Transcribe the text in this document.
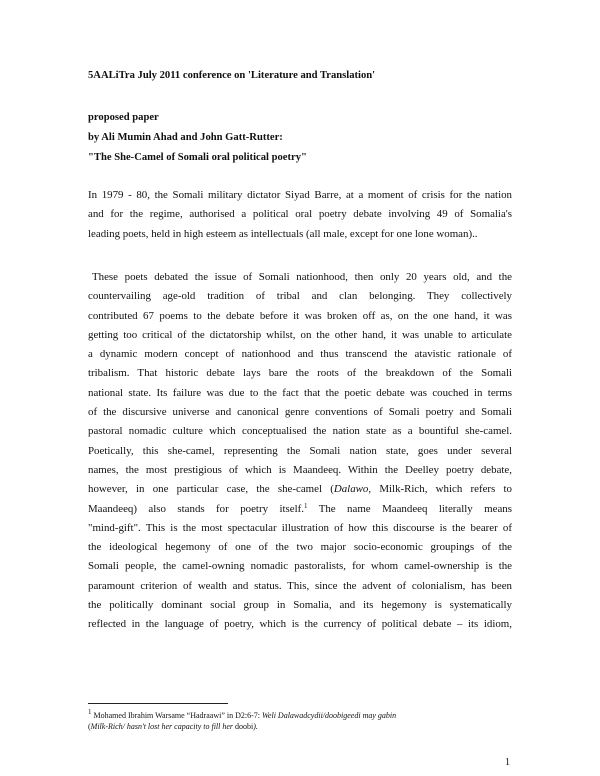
5AALiTra July 2011 conference on 'Literature and Translation'
proposed paper
by Ali Mumin Ahad and John Gatt-Rutter:
"The She-Camel of Somali oral political poetry"
In 1979 - 80, the Somali military dictator Siyad Barre, at a moment of crisis for the nation
and for the regime, authorised a political oral poetry debate involving 49 of Somalia's
leading poets, held in high esteem as intellectuals (all male, except for one lone woman)..
These poets debated the issue of Somali nationhood, then only 20 years old, and the
countervailing age-old tradition of tribal and clan belonging. They collectively
contributed 67 poems to the debate before it was broken off as, on the one hand, it was
getting too critical of the dictatorship whilst, on the other hand, it was unable to articulate
a dynamic modern concept of nationhood and thus transcend the atavistic rationale of
tribalism. That historic debate lays bare the roots of the breakdown of the Somali
national state. Its failure was due to the fact that the poetic debate was couched in terms
of the discursive universe and canonical genre conventions of Somali poetry and Somali
pastoral nomadic culture which conceptualised the nation state as a bountiful she-camel.
Poetically, this she-camel, representing the Somali nation state, goes under several
names, the most prestigious of which is Maandeeq. Within the Deelley poetry debate,
however, in one particular case, the she-camel (Dalawo, Milk-Rich, which refers to
Maandeeq) also stands for poetry itself.$^1$ The name Maandeeq literally means
"mind-gift". This is the most spectacular illustration of how this discourse is the bearer of
the ideological hegemony of one of the two major socio-economic groupings of the
Somali people, the camel-owning nomadic pastoralists, for whom camel-ownership is the
paramount criterion of wealth and status. This, since the advent of colonialism, has been
the politically dominant social group in Somalia, and its hegemony is systematically
reflected in the language of poetry, which is the currency of political debate – its idiom,
$^1$ Mohamed Ibrahim Warsame “Hadraawi” in D2:6-7: Weli Dalawadcydii/doobigeedi may gabin
(Milk-Rich/ hasn't lost her capacity to fill her doobi).
1
